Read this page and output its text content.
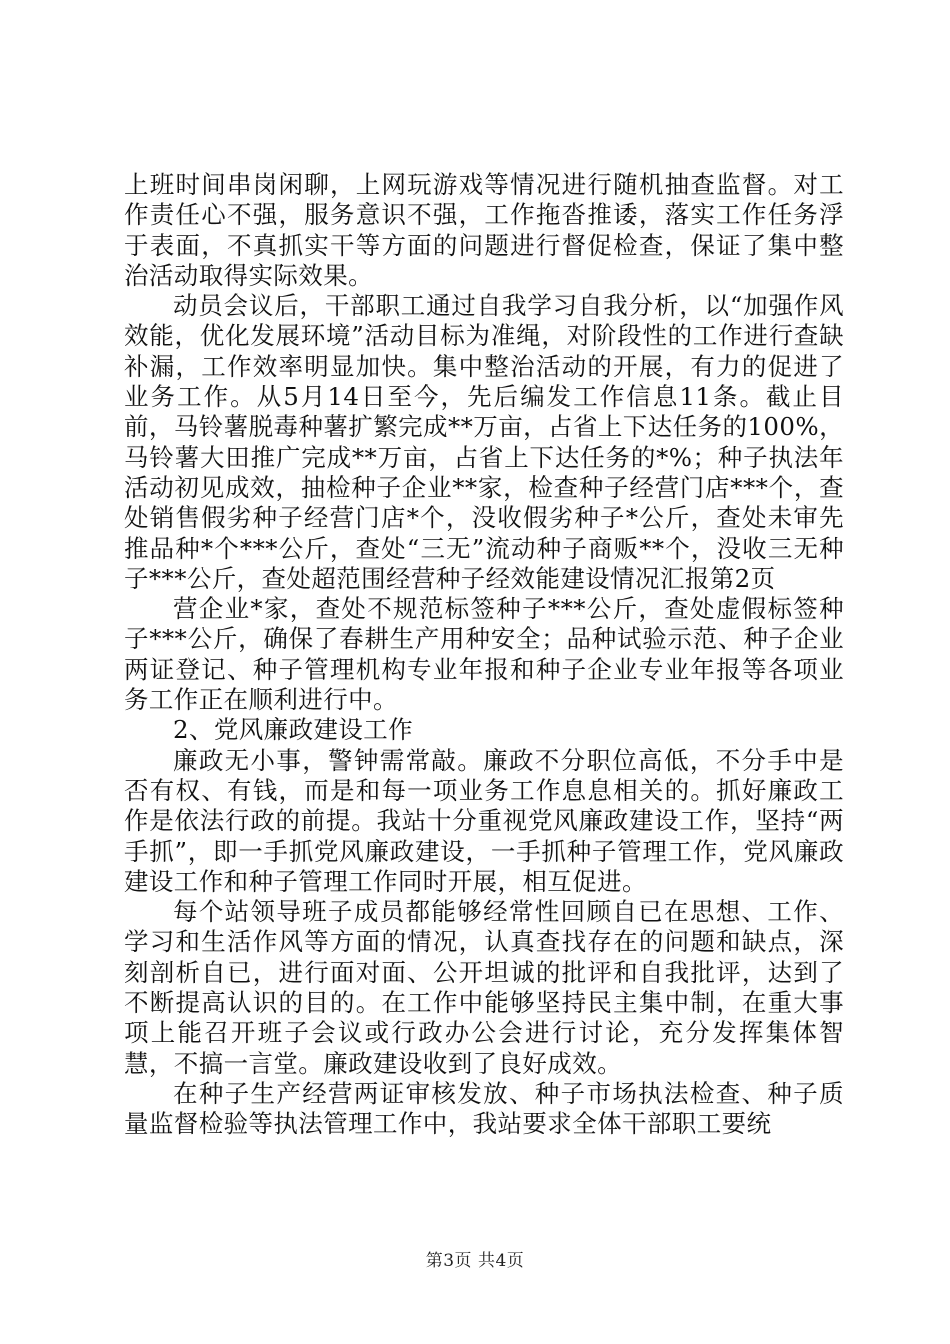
上班时间串岗闲聊，上网玩游戏等情况进行随机抽查监督。对工作责任心不强，服务意识不强，工作拖沓推诿，落实工作任务浮于表面，不真抓实干等方面的问题进行督促检查，保证了集中整治活动取得实际效果。

动员会议后，干部职工通过自我学习自我分析，以“加强作风效能，优化发展环境”活动目标为准绳，对阶段性的工作进行查缺补漏，工作效率明显加快。集中整治活动的开展，有力的促进了业务工作。从5月14日至今，先后编发工作信息11条。截止目前，马铃薯脱毒种薯扩繁完成**万亩，占省上下达任务的100%，马铃薯大田推广完成**万亩，占省上下达任务的*%；种子执法年活动初见成效，抽检种子企业**家，检查种子经营门店***个，查处销售假劣种子经营门店*个，没收假劣种子*公斤，查处未审先推品种*个***公斤，查处“三无”流动种子商贩**个，没收三无种子***公斤，查处超范围经营种子经效能建设情况汇报第2页

营企业*家，查处不规范标签种子***公斤，查处虚假标签种子***公斤，确保了春耕生产用种安全；品种试验示范、种子企业两证登记、种子管理机构专业年报和种子企业专业年报等各项业务工作正在顺利进行中。

2、党风廉政建设工作

廉政无小事，警钟需常敲。廉政不分职位高低，不分手中是否有权、有钱，而是和每一项业务工作息息相关的。抓好廉政工作是依法行政的前提。我站十分重视党风廉政建设工作，坚持“两手抓”，即一手抓党风廉政建设，一手抓种子管理工作，党风廉政建设工作和种子管理工作同时开展，相互促进。

每个站领导班子成员都能够经常性回顾自已在思想、工作、学习和生活作风等方面的情况，认真查找存在的问题和缺点，深刻剖析自已，进行面对面、公开坦诚的批评和自我批评，达到了不断提高认识的目的。在工作中能够坚持民主集中制，在重大事项上能召开班子会议或行政办公会进行讨论，充分发挥集体智慧，不搞一言堂。廉政建设收到了良好成效。

在种子生产经营两证审核发放、种子市场执法检查、种子质量监督检验等执法管理工作中，我站要求全体干部职工要统

第3页 共4页
